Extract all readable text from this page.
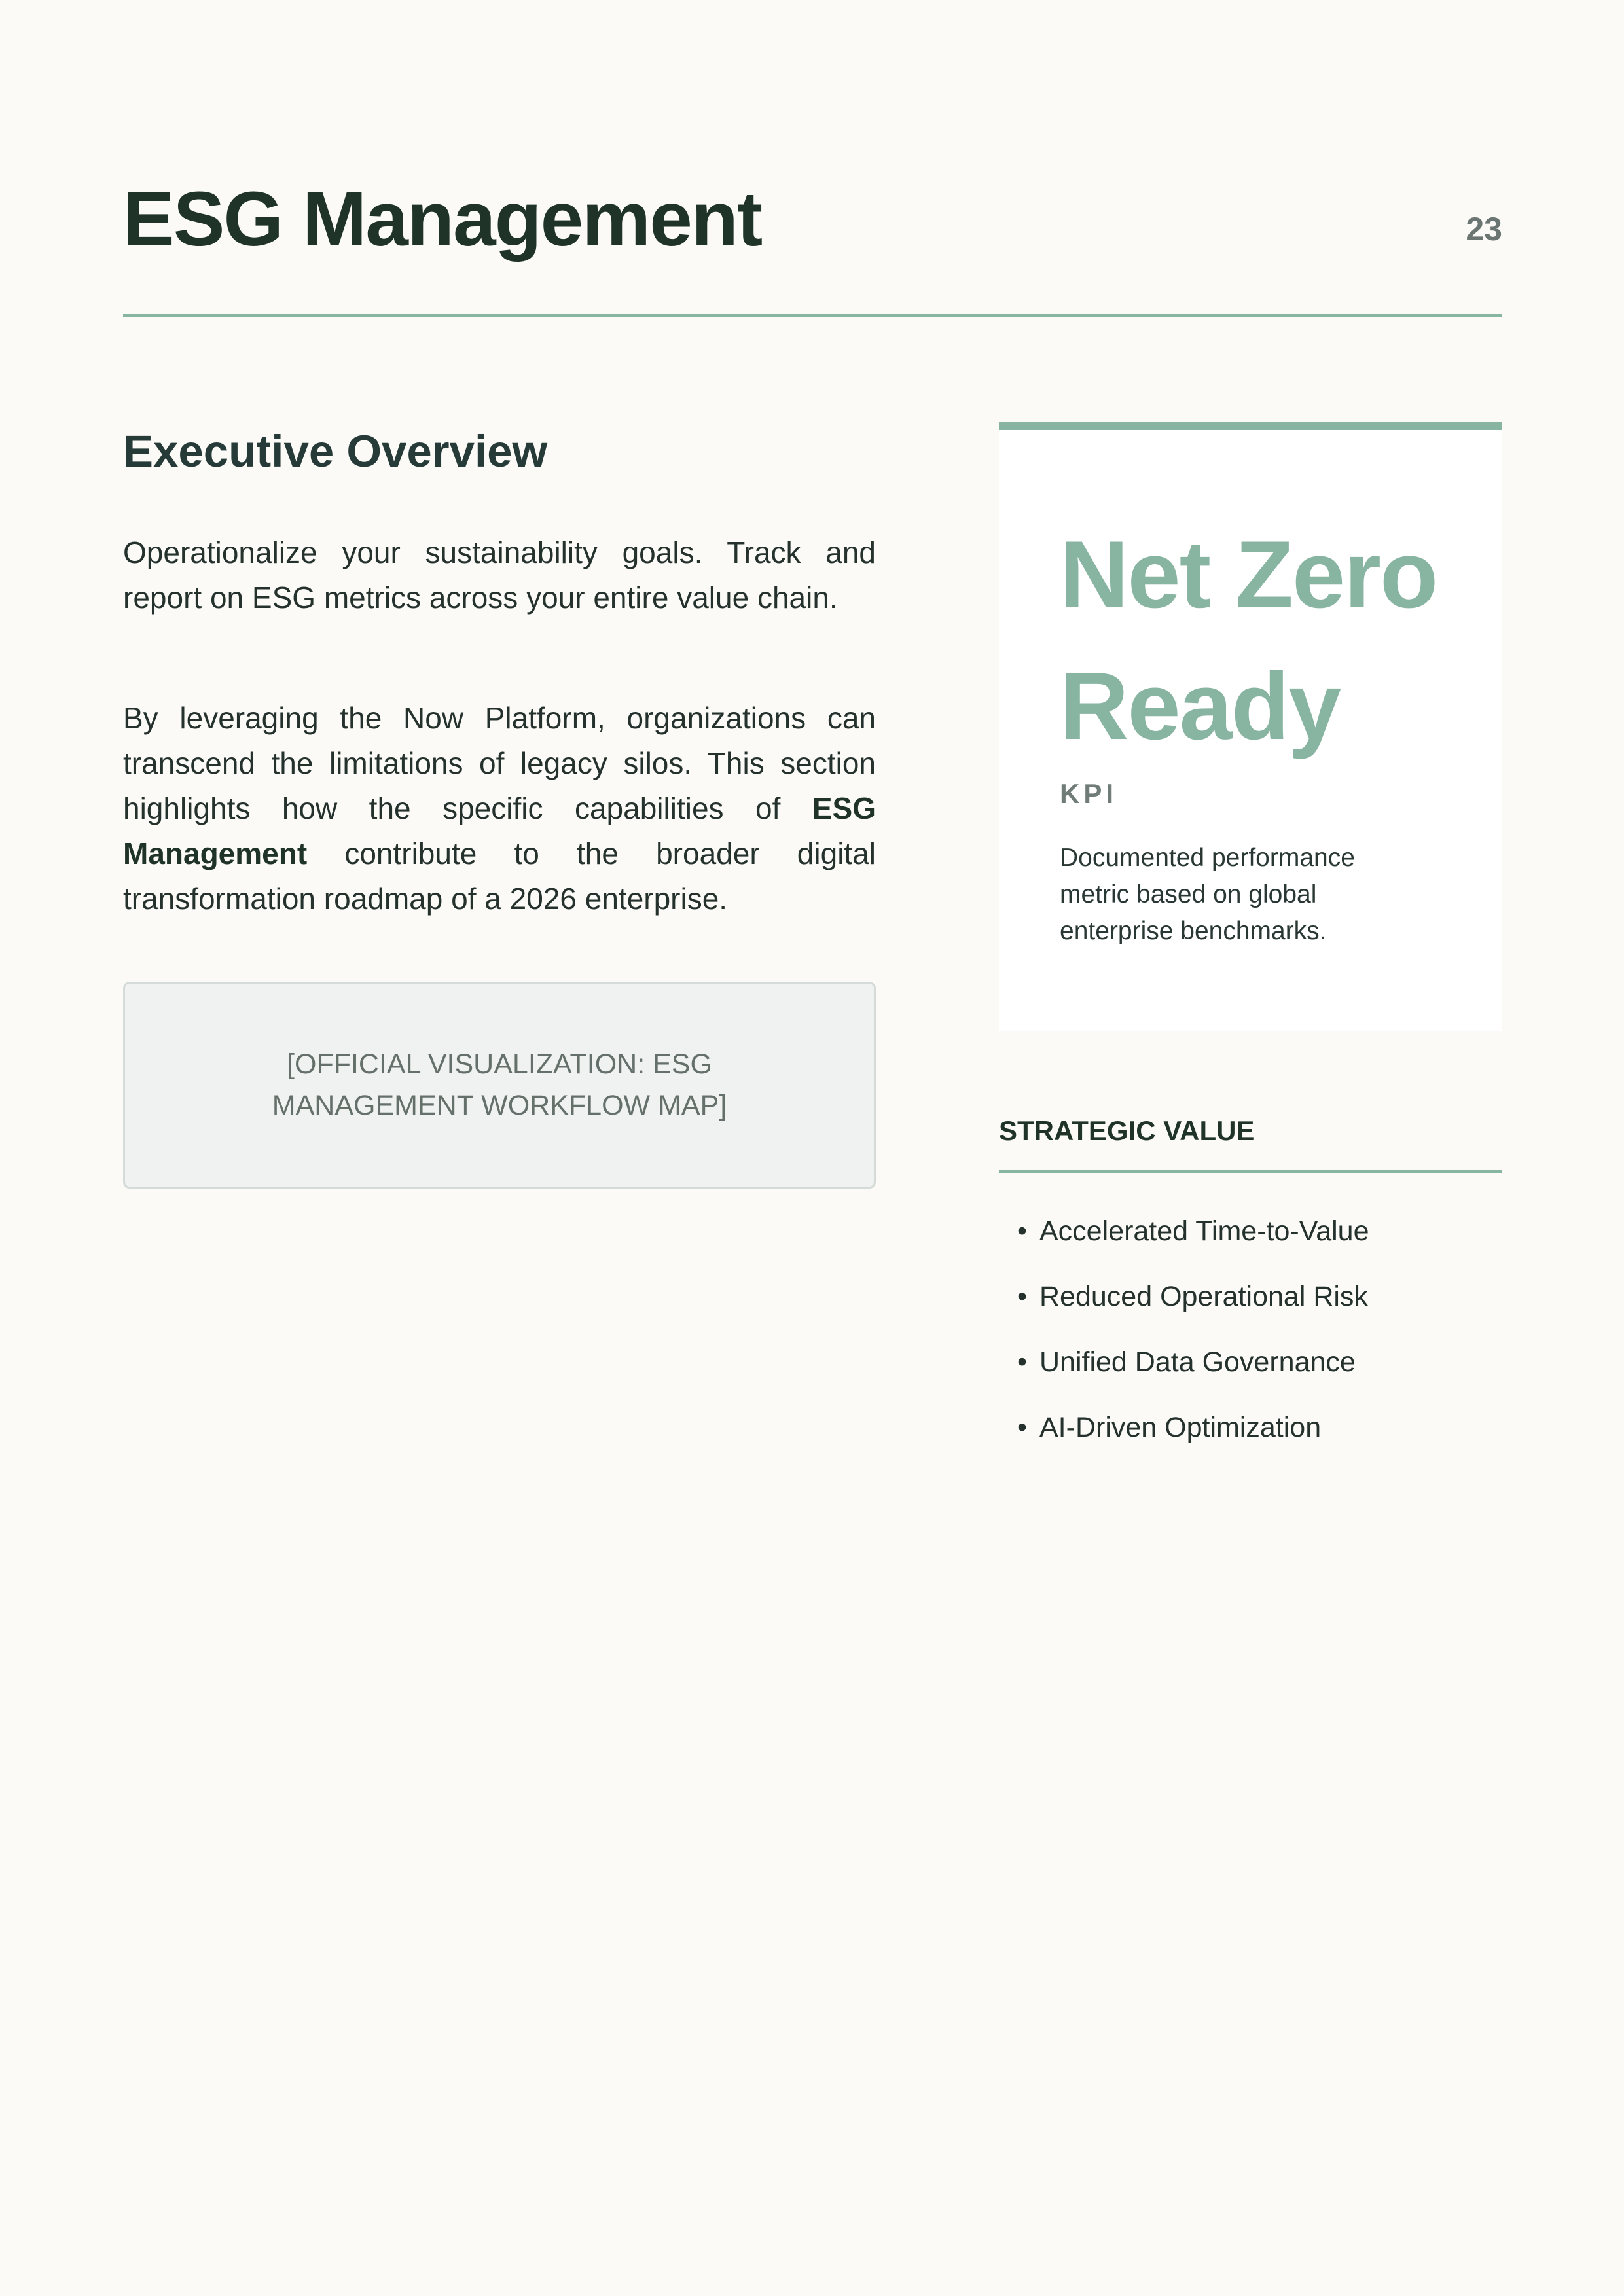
ESG Management	23
Executive Overview

Operationalize your sustainability goals. Track and report on ESG metrics across your entire value chain.

By leveraging the Now Platform, organizations can transcend the limitations of legacy silos. This section highlights how the specific capabilities of ESG Management contribute to the broader digital transformation roadmap of a 2026 enterprise.

[OFFICIAL VISUALIZATION: ESG MANAGEMENT WORKFLOW MAP]
Net Zero Ready
KPI
Documented performance metric based on global enterprise benchmarks.
STRATEGIC VALUE
• Accelerated Time-to-Value
• Reduced Operational Risk
• Unified Data Governance
• AI-Driven Optimization
